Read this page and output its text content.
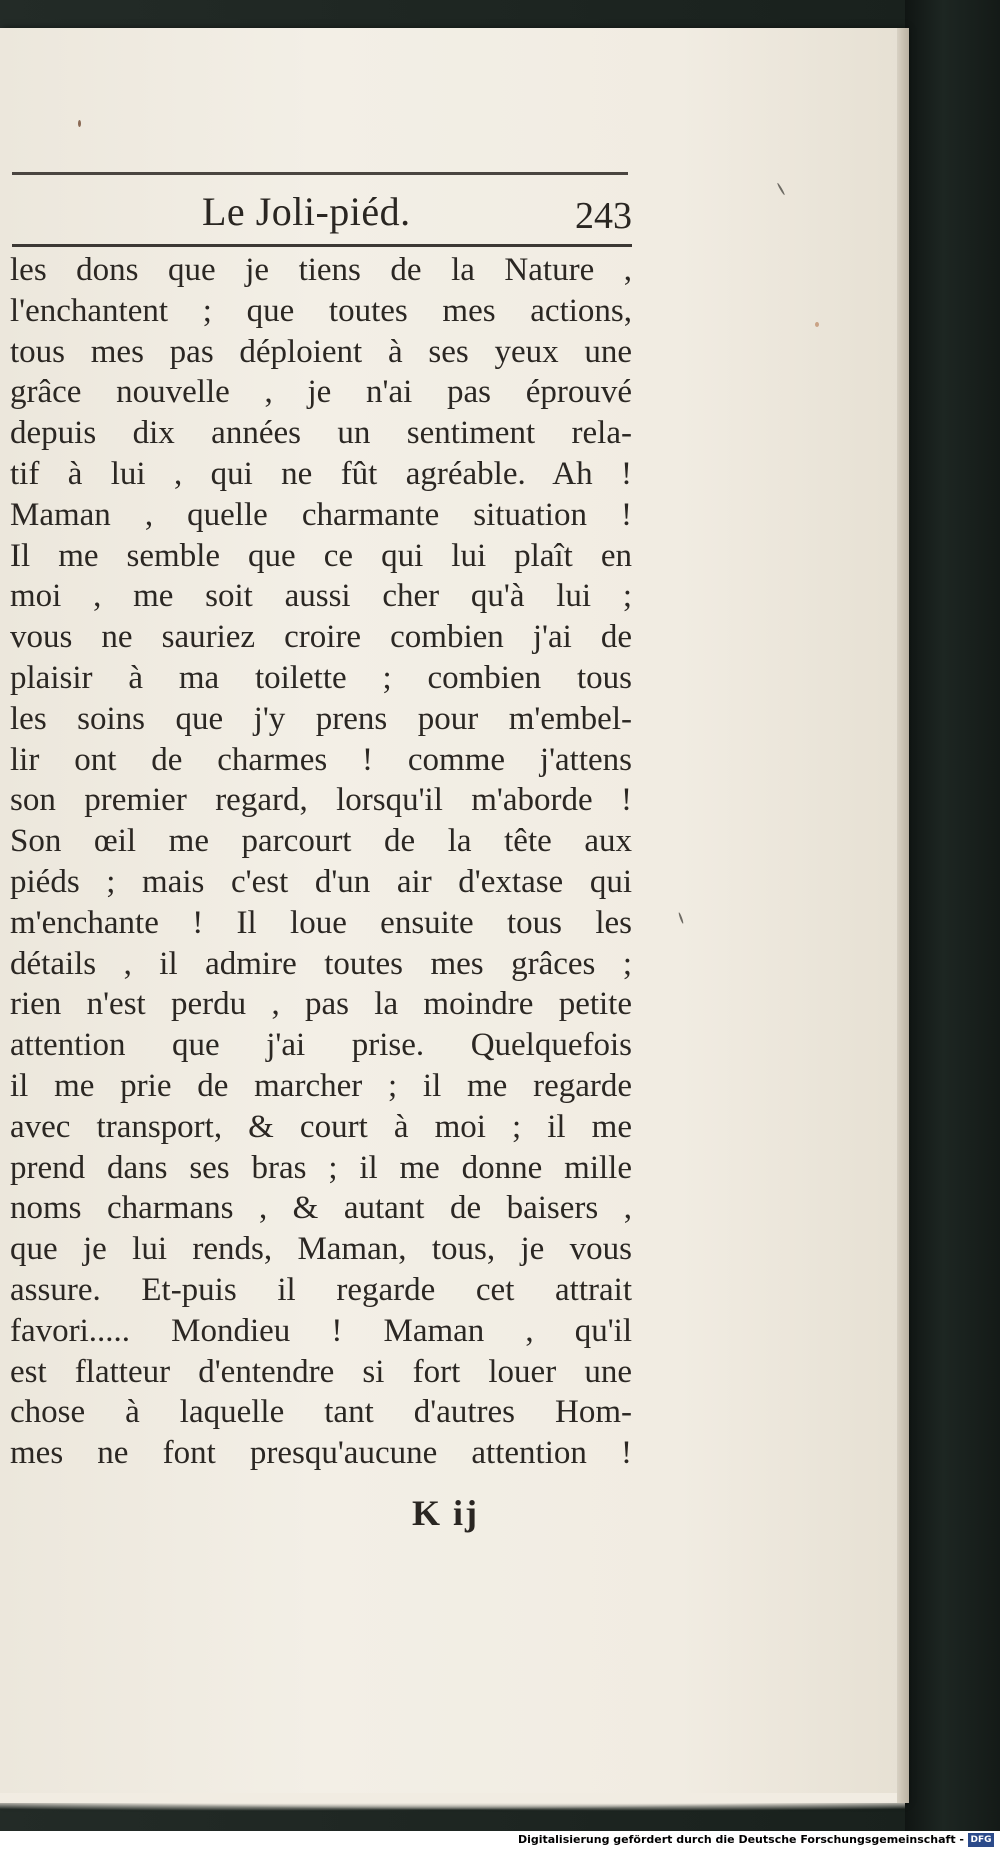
Le Joli-piéd.	243
les dons que je tiens de la Nature ,
l'enchantent ; que toutes mes actions,
tous mes pas déploient à ses yeux une
grâce nouvelle , je n'ai pas éprouvé
depuis dix années un sentiment rela-
tif à lui , qui ne fût agréable. Ah !
Maman , quelle charmante situation !
Il me semble que ce qui lui plaît en
moi , me soit aussi cher qu'à lui ;
vous ne sauriez croire combien j'ai de
plaisir à ma toilette ; combien tous
les soins que j'y prens pour m'embel-
lir ont de charmes ! comme j'attens
son premier regard, lorsqu'il m'aborde !
Son œil me parcourt de la tête aux
piéds ; mais c'est d'un air d'extase qui
m'enchante ! Il loue ensuite tous les
détails , il admire toutes mes grâces ;
rien n'est perdu , pas la moindre petite
attention que j'ai prise. Quelquefois
il me prie de marcher ; il me regarde
avec transport, & court à moi ; il me
prend dans ses bras ; il me donne mille
noms charmans , & autant de baisers ,
que je lui rends, Maman, tous, je vous
assure. Et-puis il regarde cet attrait
favori..... Mondieu ! Maman , qu'il
est flatteur d'entendre si fort louer une
chose à laquelle tant d'autres Hom-
mes ne font presqu'aucune attention !
K ij
Digitalisierung gefördert durch die Deutsche Forschungsgemeinschaft - DFG
